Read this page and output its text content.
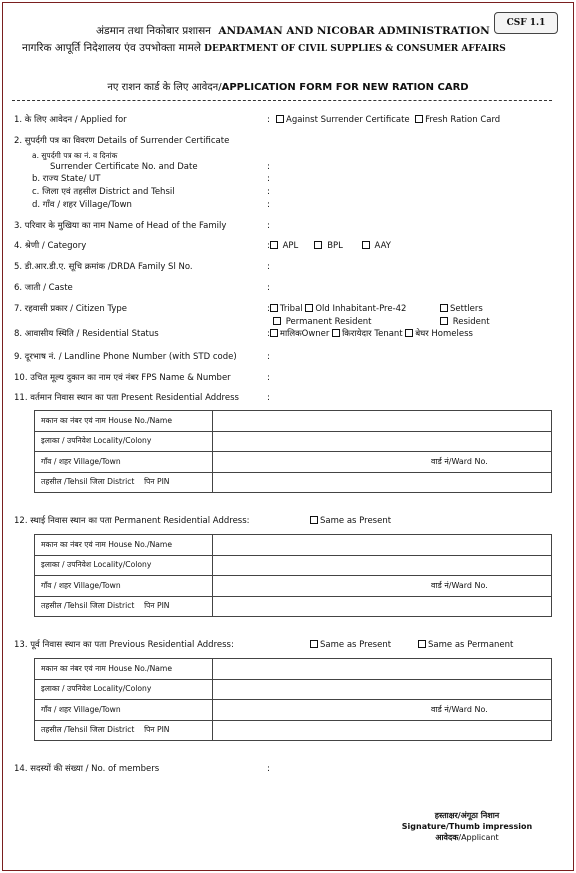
CSF 1.1
अंडमान तथा निकोबार प्रशासन ANDAMAN AND NICOBAR ADMINISTRATION
नागरिक आपूर्ति निदेशालय एंव उपभोक्ता मामले DEPARTMENT OF CIVIL SUPPLIES & CONSUMER AFFAIRS
नए राशन कार्ड के लिए आवेदन/APPLICATION FORM FOR NEW RATION CARD
1. के लिए आवेदन / Applied for	:	Against Surrender Certificate Fresh Ration Card
2. सुपर्दगी पत्र का विवरण Details of Surrender Certificate
a. सुपर्दगी पत्र का नं. व दिनांक
Surrender Certificate No. and Date	:
b. राज्य State/ UT	:
c. जिला एवं तहसील District and Tehsil	:
d. गाँव / शहर Village/Town	:
3. परिवार के मुखिया का नाम Name of Head of the Family	:
4. श्रेणी / Category	: APL	BPL	AAY
5. डी.आर.डी.ए. सूचि क्रमांक /DRDA Family Sl No.	:
6. जाती / Caste	:
7. रहवासी प्रकार / Citizen Type	: Tribal Old Inhabitant-Pre-42	Settlers
Permanent Resident	Resident
8. आवासीय स्थिति / Residential Status	: मालिकOwner किरायेदार Tenant बेघर Homeless
9. दूरभाष नं. / Landline Phone Number (with STD code)	:
10. उचित मूल्य दुकान का नाम एवं नंबर FPS Name & Number	:
11. वर्तमान निवास स्थान का पता Present Residential Address	:
मकान का नंबर एवं नाम House No./Name	
इलाका / उपनिवेश Locality/Colony	
गाँव / शहर Village/Town	वार्ड नं/Ward No.

तहसील /Tehsil जिला District पिन PIN	
12. स्थाई निवास स्थान का पता Permanent Residential Address:	Same as Present
मकान का नंबर एवं नाम House No./Name	
इलाका / उपनिवेश Locality/Colony	
गाँव / शहर Village/Town	वार्ड नं/Ward No.

तहसील /Tehsil जिला District पिन PIN	
13. पूर्व निवास स्थान का पता Previous Residential Address:	Same as Present	Same as Permanent
मकान का नंबर एवं नाम House No./Name	
इलाका / उपनिवेश Locality/Colony	
गाँव / शहर Village/Town	वार्ड नं/Ward No.

तहसील /Tehsil जिला District पिन PIN	
14. सदस्यों की संख्या / No. of members	:
हस्ताक्षर/अंगूठा निशान
Signature/Thumb impression
आवेदक/Applicant
